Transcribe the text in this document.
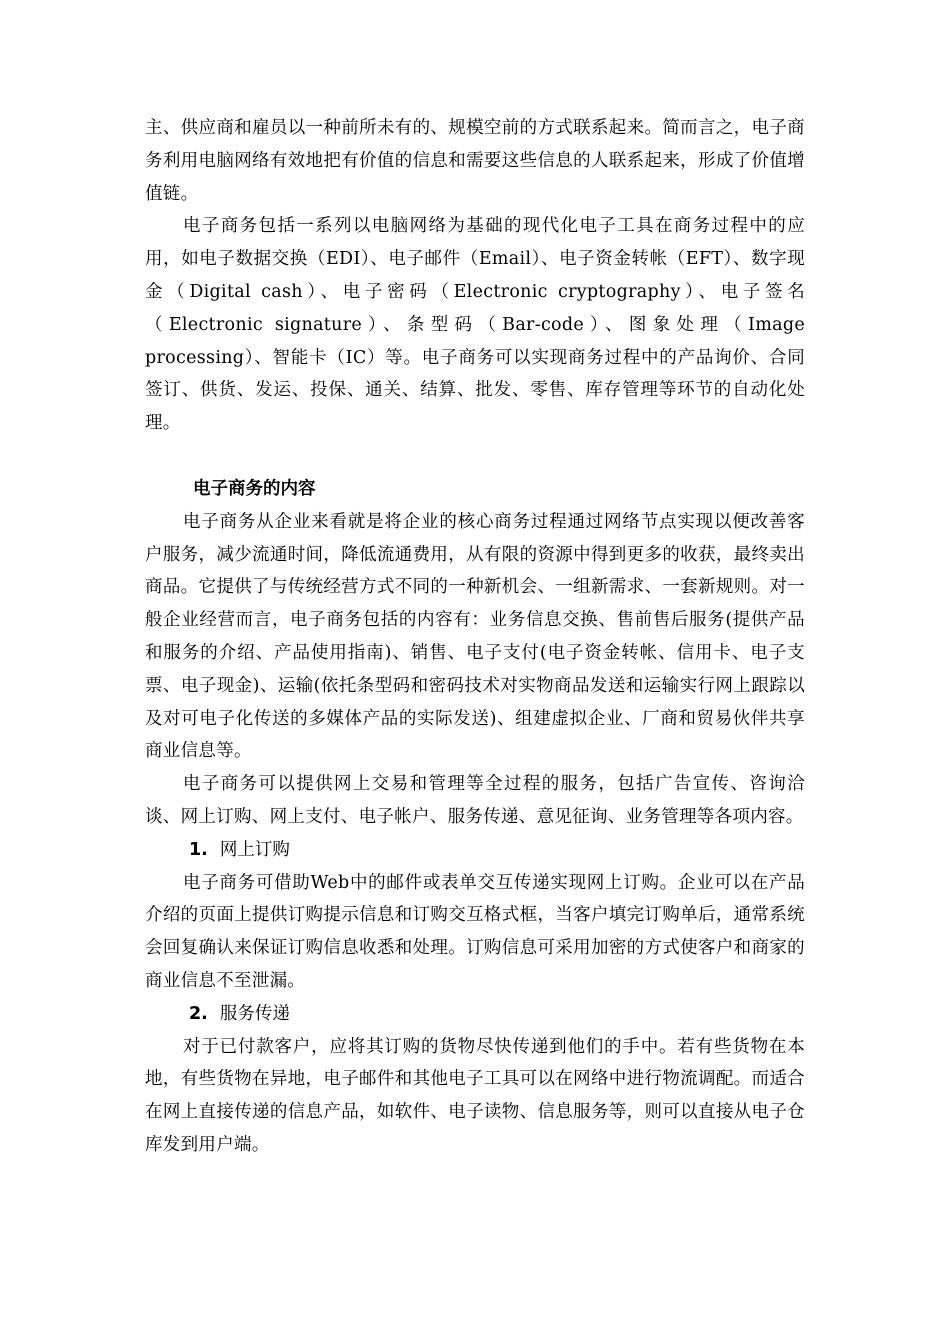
主、供应商和雇员以一种前所未有的、规模空前的方式联系起来。简而言之，电子商务利用电脑网络有效地把有价值的信息和需要这些信息的人联系起来，形成了价值增值链。

电子商务包括一系列以电脑网络为基础的现代化电子工具在商务过程中的应用，如电子数据交换（EDI）、电子邮件（Email）、电子资金转帐（EFT）、数字现金（Digital cash）、电子密码（Electronic cryptography）、电子签名（Electronic signature）、条型码（Bar-code）、图象处理（Image processing）、智能卡（IC）等。电子商务可以实现商务过程中的产品询价、合同签订、供货、发运、投保、通关、结算、批发、零售、库存管理等环节的自动化处理。

电子商务的内容

电子商务从企业来看就是将企业的核心商务过程通过网络节点实现以便改善客户服务，减少流通时间，降低流通费用，从有限的资源中得到更多的收获，最终卖出商品。它提供了与传统经营方式不同的一种新机会、一组新需求、一套新规则。对一般企业经营而言，电子商务包括的内容有：业务信息交换、售前售后服务(提供产品和服务的介绍、产品使用指南)、销售、电子支付(电子资金转帐、信用卡、电子支票、电子现金)、运输(依托条型码和密码技术对实物商品发送和运输实行网上跟踪以及对可电子化传送的多媒体产品的实际发送)、组建虚拟企业、厂商和贸易伙伴共享商业信息等。

电子商务可以提供网上交易和管理等全过程的服务，包括广告宣传、咨询洽谈、网上订购、网上支付、电子帐户、服务传递、意见征询、业务管理等各项内容。

1. 网上订购

电子商务可借助Web中的邮件或表单交互传递实现网上订购。企业可以在产品介绍的页面上提供订购提示信息和订购交互格式框，当客户填完订购单后，通常系统会回复确认来保证订购信息收悉和处理。订购信息可采用加密的方式使客户和商家的商业信息不至泄漏。

2. 服务传递

对于已付款客户，应将其订购的货物尽快传递到他们的手中。若有些货物在本地，有些货物在异地，电子邮件和其他电子工具可以在网络中进行物流调配。而适合在网上直接传递的信息产品，如软件、电子读物、信息服务等，则可以直接从电子仓库发到用户端。
